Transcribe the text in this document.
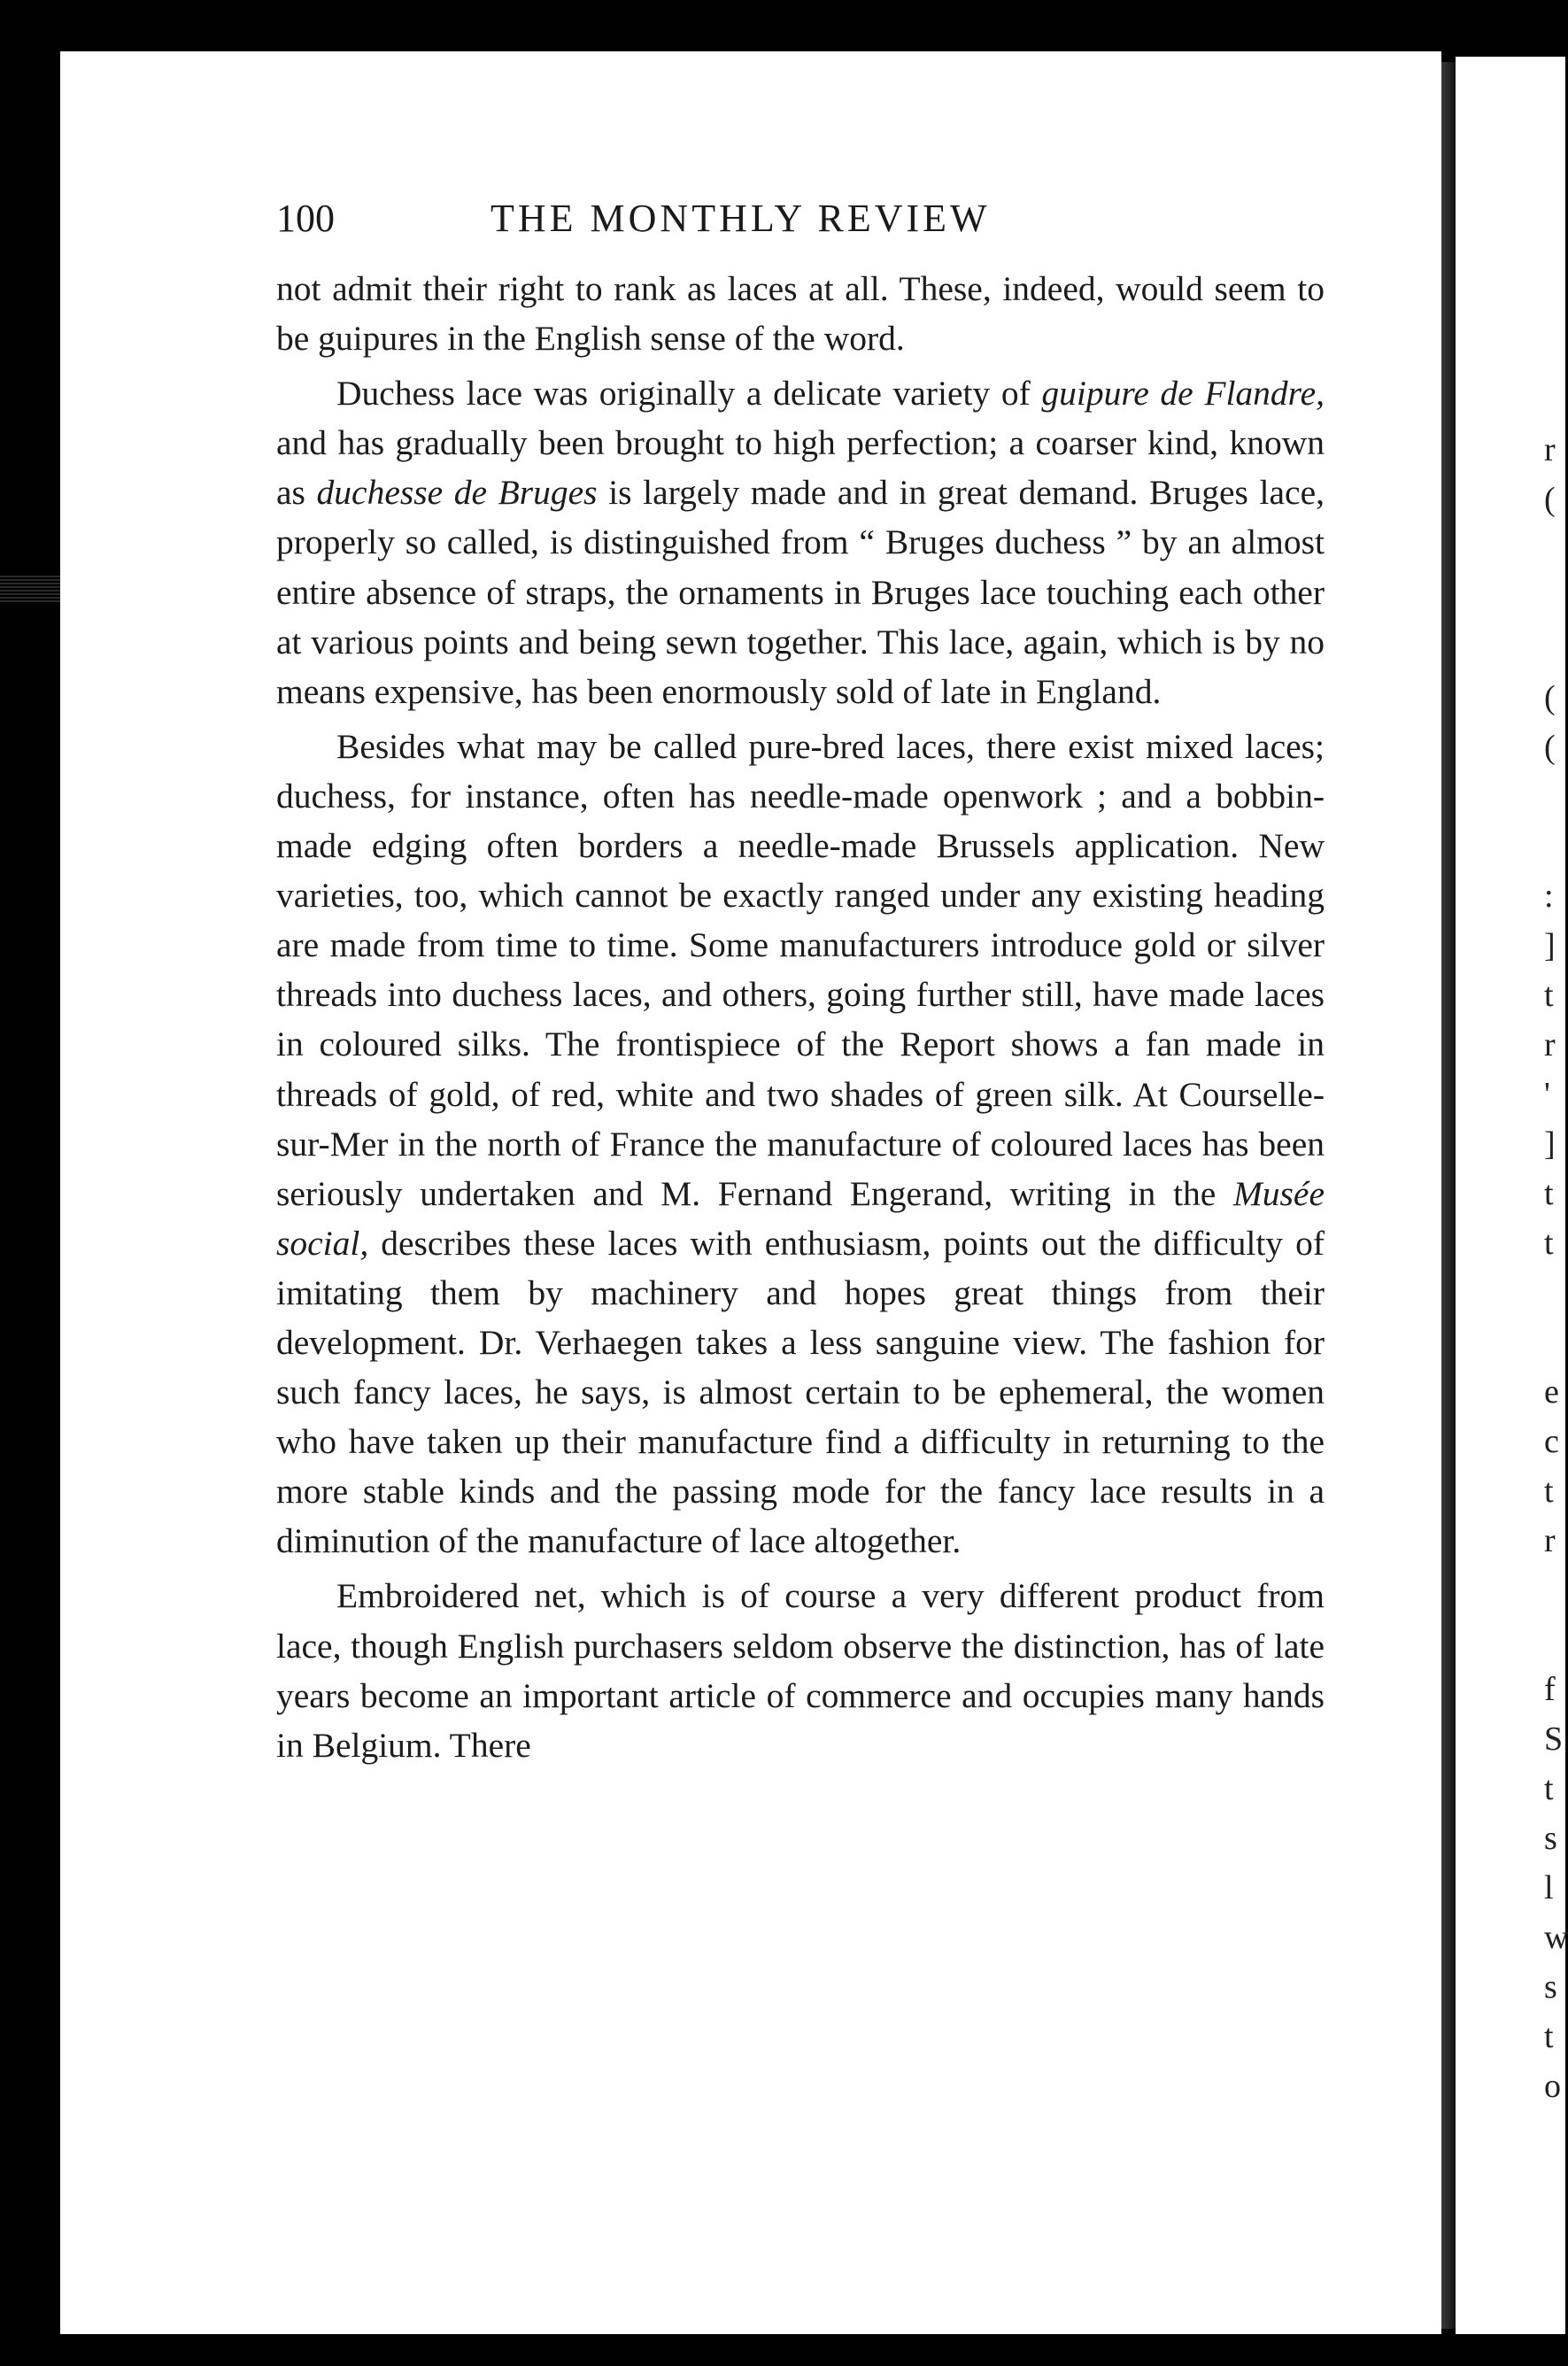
100	THE MONTHLY REVIEW

not admit their right to rank as laces at all. These, indeed, would seem to be guipures in the English sense of the word.

Duchess lace was originally a delicate variety of guipure de Flandre, and has gradually been brought to high perfection; a coarser kind, known as duchesse de Bruges is largely made and in great demand. Bruges lace, properly so called, is distinguished from “ Bruges duchess ” by an almost entire absence of straps, the ornaments in Bruges lace touching each other at various points and being sewn together. This lace, again, which is by no means expensive, has been enormously sold of late in England.

Besides what may be called pure-bred laces, there exist mixed laces; duchess, for instance, often has needle-made openwork ; and a bobbin-made edging often borders a needle-made Brussels application. New varieties, too, which cannot be exactly ranged under any existing heading are made from time to time. Some manufacturers introduce gold or silver threads into duchess laces, and others, going further still, have made laces in coloured silks. The frontispiece of the Report shows a fan made in threads of gold, of red, white and two shades of green silk. At Courselle-sur-Mer in the north of France the manufacture of coloured laces has been seriously undertaken and M. Fernand Engerand, writing in the Musée social, describes these laces with enthusiasm, points out the difficulty of imitating them by machinery and hopes great things from their development. Dr. Verhaegen takes a less sanguine view. The fashion for such fancy laces, he says, is almost certain to be ephemeral, the women who have taken up their manufacture find a difficulty in returning to the more stable kinds and the passing mode for the fancy lace results in a diminution of the manufacture of lace altogether.

Embroidered net, which is of course a very different product from lace, though English purchasers seldom observe the distinction, has of late years become an important article of commerce and occupies many hands in Belgium. There

r
(
(
(
:
]
t
r
'
]
t
t
e
c
t
r
f
S
t
s
l
w
s
t
o
